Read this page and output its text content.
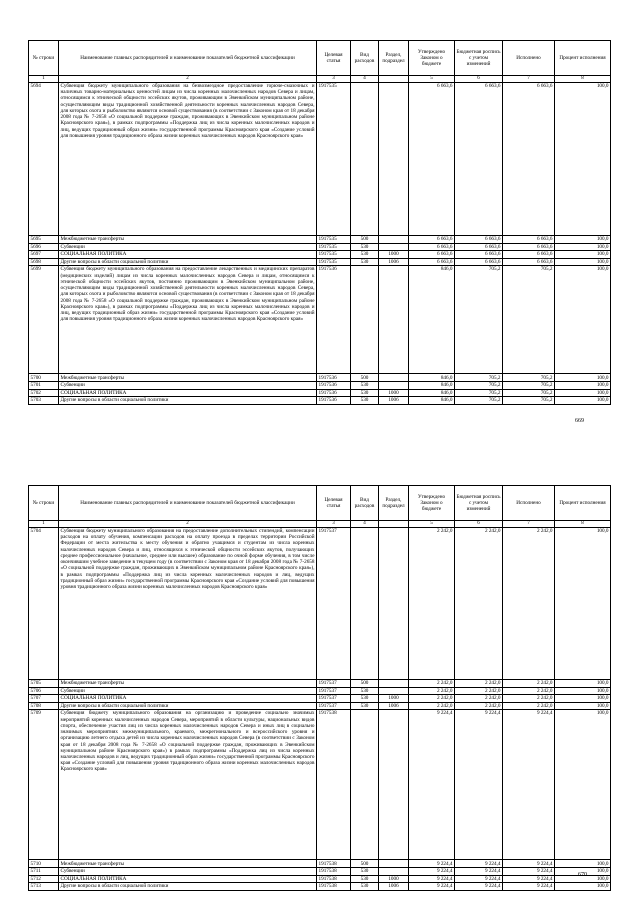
№ строки	Наименование главных распорядителей и наименование показателей бюджетной классификации	Целевая статья	Вид расходов	Раздел, подраздел	Утверждено Законом о бюджете	Бюджетная роспись с учетом изменений	Исполнено	Процент исполнения
1	2	3	4		5	6	7	8
5694	Субвенция бюджету муниципального образования на безвозмездное предоставление горюче-смазочных и наличных товарно-материальных ценностей лицам из числа коренных малочисленных народов Севера и лицам, относящимся к этнической общности эссейских якутов, проживающим в Эвенкийском муниципальном районе, осуществляющим виды традиционной хозяйственной деятельности коренных малочисленных народов Севера, для которых охота и рыболовство являются основой существования (в соответствии с Законом края от 18 декабря 2008 года № 7-2658 «О социальной поддержке граждан, проживающих в Эвенкийском муниципальном районе Красноярского края»), в рамках подпрограммы «Поддержка лиц из числа коренных малочисленных народов и лиц, ведущих традиционный образ жизни» государственной программы Красноярского края «Создание условий для повышения уровня традиционного образа жизни коренных малочисленных народов Красноярского края»	1917535			6 663,6	6 663,6	6 663,6	100,0
5695	Межбюджетные трансферты	1917535	500		6 663,6	6 663,6	6 663,6	100,0
5696	Субвенции	1917535	530		6 663,6	6 663,6	6 663,6	100,0
5697	СОЦИАЛЬНАЯ ПОЛИТИКА	1917535	530	1000	6 663,6	6 663,6	6 663,6	100,0
5698	Другие вопросы в области социальной политики	1917535	530	1006	6 663,6	6 663,6	6 663,6	100,0
5699	Субвенция бюджету муниципального образования на предоставление лекарственных и медицинских препаратов (медицинских изделий) лицам из числа коренных малочисленных народов Севера и лицам, относящимся к этнической общности эссейских якутов, постоянно проживающим в Эвенкийском муниципальном районе, осуществляющим виды традиционной хозяйственной деятельности коренных малочисленных народов Севера, для которых охота и рыболовство являются основой существования (в соответствии с Законом края от 18 декабря 2008 года № 7-2658 «О социальной поддержке граждан, проживающих в Эвенкийском муниципальном районе Красноярского края»), в рамках подпрограммы «Поддержка лиц из числа коренных малочисленных народов и лиц, ведущих традиционный образ жизни» государственной программы Красноярского края «Создание условий для повышения уровня традиционного образа жизни коренных малочисленных народов Красноярского края»	1917536			846,0	705,2	705,2	100,0
5700	Межбюджетные трансферты	1917536	500		846,0	705,2	705,2	100,0
5701	Субвенции	1917536	530		846,0	705,2	705,2	100,0
5702	СОЦИАЛЬНАЯ ПОЛИТИКА	1917536	530	1000	846,0	705,2	705,2	100,0
5703	Другие вопросы в области социальной политики	1917536	530	1006	846,0	705,2	705,2	100,0
669
№ строки	Наименование главных распорядителей и наименование показателей бюджетной классификации	Целевая статья	Вид расходов	Раздел, подраздел	Утверждено Законом о бюджете	Бюджетная роспись с учетом изменений	Исполнено	Процент исполнения
1	2	3	4		5	6	7	8
5704	Субвенция бюджету муниципального образования на предоставление дополнительных стипендий, компенсации расходов на оплату обучения, компенсации расходов на оплату проезда в пределах территории Российской Федерации от места жительства к месту обучения и обратно учащимся и студентам из числа коренных малочисленных народов Севера и лиц, относящихся к этнической общности эссейских якутов, получающих среднее профессиональное (начальное, среднее или высшее) образование по очной форме обучения, в том числе окончившим учебное заведение в текущем году (в соответствии с Законом края от 18 декабря 2008 года № 7-2658 «О социальной поддержке граждан, проживающих в Эвенкийском муниципальном районе Красноярского края»), в рамках подпрограммы «Поддержка лиц из числа коренных малочисленных народов и лиц, ведущих традиционный образ жизни» государственной программы Красноярского края «Создание условий для повышения уровня традиционного образа жизни коренных малочисленных народов Красноярского края»	1917537			2 242,0	2 242,0	2 242,0	100,0
5705	Межбюджетные трансферты	1917537	500		2 242,0	2 242,0	2 242,0	100,0
5706	Субвенции	1917537	530		2 242,0	2 242,0	2 242,0	100,0
5707	СОЦИАЛЬНАЯ ПОЛИТИКА	1917537	530	1000	2 242,0	2 242,0	2 242,0	100,0
5708	Другие вопросы в области социальной политики	1917537	530	1006	2 242,0	2 242,0	2 242,0	100,0
5709	Субвенция бюджету муниципального образования на организацию и проведение социально значимых мероприятий коренных малочисленных народов Севера, мероприятий в области культуры, национальных видов спорта, обеспечение участия лиц из числа коренных малочисленных народов Севера и иных лиц в социально значимых мероприятиях межмуниципального, краевого, межрегионального и всероссийского уровня и организацию летнего отдыха детей из числа коренных малочисленных народов Севера (в соответствии с Законом края от 18 декабря 2008 года № 7-2658 «О социальной поддержке граждан, проживающих в Эвенкийском муниципальном районе Красноярского края») в рамках подпрограммы «Поддержка лиц из числа коренных малочисленных народов и лиц, ведущих традиционный образ жизни» государственной программы Красноярского края «Создание условий для повышения уровня традиционного образа жизни коренных малочисленных народов Красноярского края»	1917538			9 224,4	9 224,4	9 224,4	100,0
5710	Межбюджетные трансферты	1917538	500		9 224,4	9 224,4	9 224,4	100,0
5711	Субвенции	1917538	530		9 224,4	9 224,4	9 224,4	100,0
5712	СОЦИАЛЬНАЯ ПОЛИТИКА	1917538	530	1000	9 224,4	9 224,4	9 224,4	100,0
5713	Другие вопросы в области социальной политики	1917538	530	1006	9 224,4	9 224,4	9 224,4	100,0
670
